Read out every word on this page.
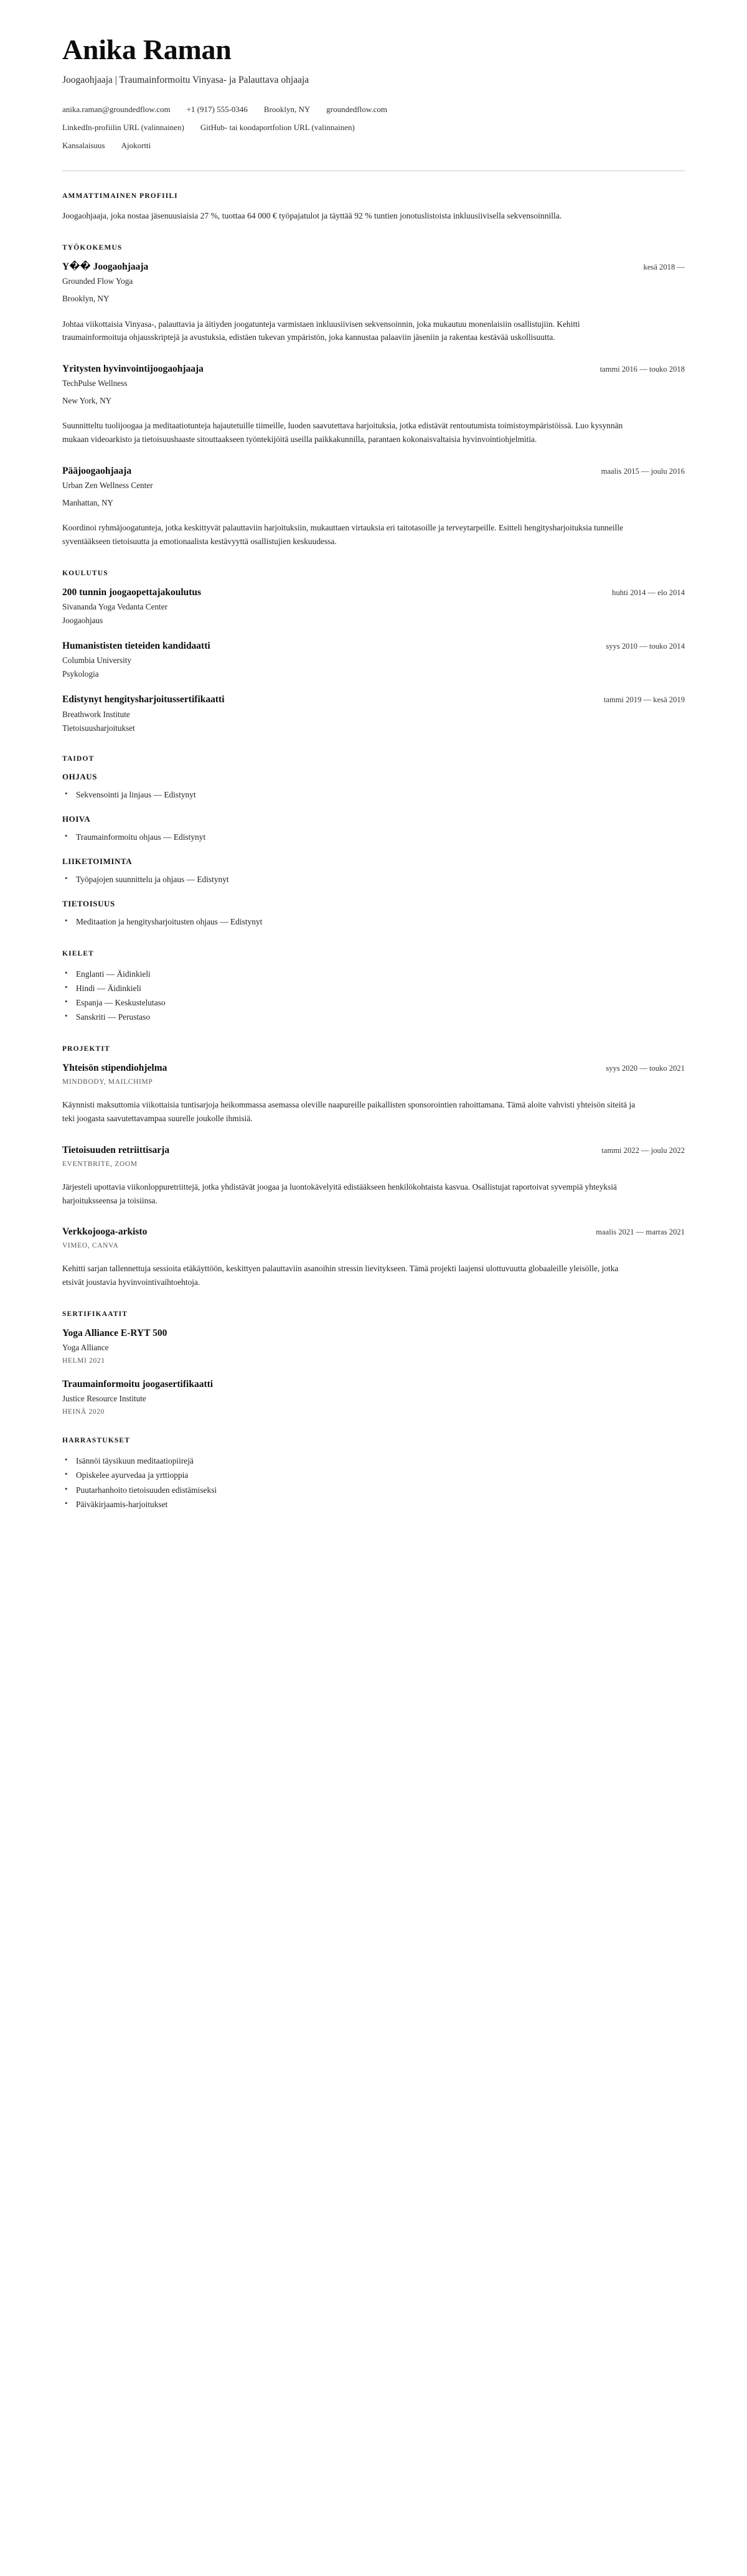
Anika Raman
Joogaohjaaja | Traumainformoitu Vinyasa- ja Palauttava ohjaaja
anika.raman@groundedflow.com +1 (917) 555-0346 Brooklyn, NY groundedflow.com
LinkedIn-profiilin URL (valinnainen) GitHub- tai koodaportfolion URL (valinnainen)
Kansalaisuus Ajokortti
AMMATTIMAINEN PROFIILI

Joogaohjaaja, joka nostaa jäsenuusiaisia 27 %, tuottaa 64 000 € työpajatulot ja täyttää 92 % tuntien jonotuslistoista inkluusiivisella sekvensoinnilla.

TYÖKOKEMUS
Y�� Joogaohjaaja	kesä 2018 —

Grounded Flow Yoga

Brooklyn, NY

Johtaa viikottaisia Vinyasa-, palauttavia ja äitiyden joogatunteja varmistaen inkluusiivisen sekvensoinnin, joka mukautuu monenlaisiin osallistujiin. Kehitti traumainformoituja ohjausskriptejä ja avustuksia, edistäen tukevan ympäristön, joka kannustaa palaaviin jäseniin ja rakentaa kestävää uskollisuutta.

Yritysten hyvinvointijoogaohjaaja	tammi 2016 — touko 2018

TechPulse Wellness

New York, NY

Suunnitteltu tuolijoogaa ja meditaatiotunteja hajautetuille tiimeille, luoden saavutettava harjoituksia, jotka edistävät rentoutumista toimistoympäristöissä. Luo kysynnän mukaan videoarkisto ja tietoisuushaaste sitouttaakseen työntekijöitä useilla paikkakunnilla, parantaen kokonaisvaltaisia hyvinvointiohjelmitia.

Pääjoogaohjaaja	maalis 2015 — joulu 2016

Urban Zen Wellness Center

Manhattan, NY

Koordinoi ryhmäjoogatunteja, jotka keskittyvät palauttaviin harjoituksiin, mukauttaen virtauksia eri taitotasoille ja terveytarpeille. Esitteli hengitysharjoituksia tunneille syventääkseen tietoisuutta ja emotionaalista kestävyyttä osallistujien keskuudessa.

KOULUTUS
200 tunnin joogaopettajakoulutus	huhti 2014 — elo 2014

Sivananda Yoga Vedanta Center

Joogaohjaus

Humanististen tieteiden kandidaatti	syys 2010 — touko 2014

Columbia University

Psykologia

Edistynyt hengitysharjoitussertifikaatti	tammi 2019 — kesä 2019

Breathwork Institute

Tietoisuusharjoitukset

TAIDOT
OHJAUS
• Sekvensointi ja linjaus — Edistynyt
HOIVA
• Traumainformoitu ohjaus — Edistynyt
LIIKETOIMINTA
• Työpajojen suunnittelu ja ohjaus — Edistynyt
TIETOISUUS
• Meditaation ja hengitysharjoitusten ohjaus — Edistynyt
KIELET
• Englanti — Äidinkieli
• Hindi — Äidinkieli
• Espanja — Keskustelutaso
• Sanskriti — Perustaso
PROJEKTIT
Yhteisön stipendiohjelma	syys 2020 — touko 2021

MINDBODY, MAILCHIMP

Käynnisti maksuttomia viikottaisia tuntisarjoja heikommassa asemassa oleville naapureille paikallisten sponsorointien rahoittamana. Tämä aloite vahvisti yhteisön siteitä ja teki joogasta saavutettavampaa suurelle joukolle ihmisiä.

Tietoisuuden retriittisarja	tammi 2022 — joulu 2022

EVENTBRITE, ZOOM

Järjesteli upottavia viikonloppuretriittejä, jotka yhdistävät joogaa ja luontokävelyitä edistääkseen henkilökohtaista kasvua. Osallistujat raportoivat syvempiä yhteyksiä harjoituksseensa ja toisiinsa.

Verkkojooga-arkisto	maalis 2021 — marras 2021

VIMEO, CANVA

Kehitti sarjan tallennettuja sessioita etäkäyttöön, keskittyen palauttaviin asanoihin stressin lievitykseen. Tämä projekti laajensi ulottuvuutta globaaleille yleisölle, jotka etsivät joustavia hyvinvointivaihtoehtoja.

SERTIFIKAATIT
Yoga Alliance E-RYT 500

Yoga Alliance

HELMI 2021

Traumainformoitu joogasertifikaatti

Justice Resource Institute

HEINÄ 2020

HARRASTUKSET
• Isännöi täysikuun meditaatiopiirejä
• Opiskelee ayurvedaa ja yrttioppia
• Puutarhanhoito tietoisuuden edistämiseksi
• Päiväkirjaamis-harjoitukset
